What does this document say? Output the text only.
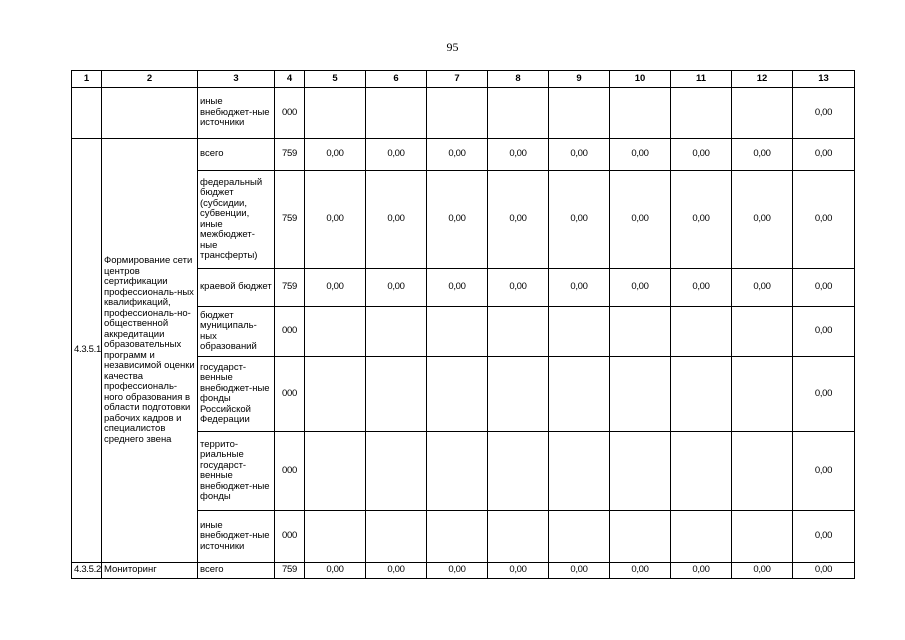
95
1	2	3	4	5	6	7	8	9	10	11	12	13
		иные внебюджет-ные источники	000									0,00
4.3.5.1	Формирование сети центров сертификации профессиональ-ных квалификаций, профессиональ-но-общественной аккредитации образовательных программ и независимой оценки качества профессиональ-ного образования в области подготовки рабочих кадров и специалистов среднего звена	всего	759	0,00	0,00	0,00	0,00	0,00	0,00	0,00	0,00	0,00
		федеральный бюджет (субсидии, субвенции, иные межбюджет-ные трансферты)	759	0,00	0,00	0,00	0,00	0,00	0,00	0,00	0,00	0,00
		краевой бюджет	759	0,00	0,00	0,00	0,00	0,00	0,00	0,00	0,00	0,00
		бюджет муниципаль-ных образований	000									0,00
		государст-венные внебюджет-ные фонды Российской Федерации	000									0,00
		террито-риальные государст-венные внебюджет-ные фонды	000									0,00
		иные внебюджет-ные источники	000									0,00
4.3.5.2	Мониторинг	всего	759	0,00	0,00	0,00	0,00	0,00	0,00	0,00	0,00	0,00
